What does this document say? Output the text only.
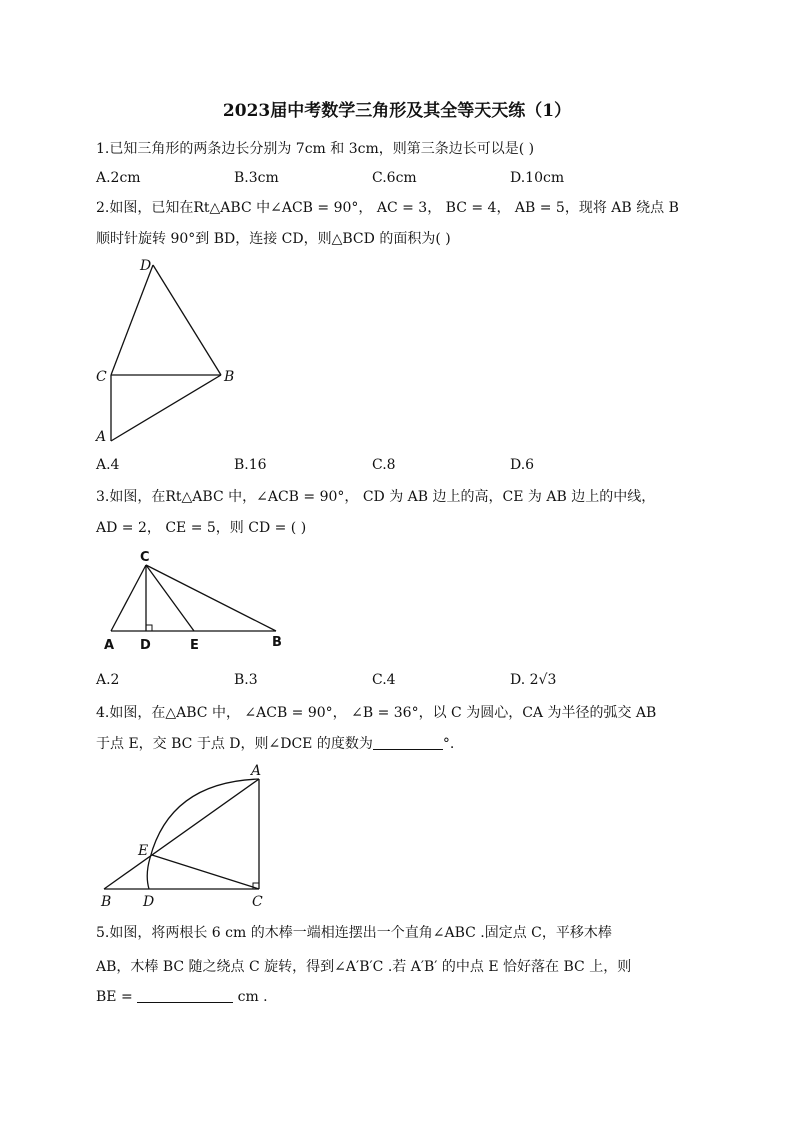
2023届中考数学三角形及其全等天天练（1）
1.已知三角形的两条边长分别为 7cm 和 3cm，则第三条边长可以是( )
A.2cm	B.3cm	C.6cm	D.10cm
2.如图，已知在Rt△ABC 中∠ACB = 90°， AC = 3， BC = 4， AB = 5，现将 AB 绕点 B
顺时针旋转 90°到 BD，连接 CD，则△BCD 的面积为( )
D
C	B
A
A.4	B.16	C.8	D.6
3.如图，在Rt△ABC 中，∠ACB = 90°， CD 为 AB 边上的高，CE 为 AB 边上的中线，
AD = 2， CE = 5，则 CD = ( )
C
A D	E	B
A.2	B.3	C.4	D. 2√3
4.如图，在△ABC 中， ∠ACB = 90°， ∠B = 36°，以 C 为圆心，CA 为半径的弧交 AB
于点 E，交 BC 于点 D，则∠DCE 的度数为	°.
A
E
B D	C
5.如图，将两根长 6 cm 的木棒一端相连摆出一个直角∠ABC .固定点 C，平移木棒
AB，木棒 BC 随之绕点 C 旋转，得到∠A′B′C .若 A′B′ 的中点 E 恰好落在 BC 上，则
BE =	cm .
